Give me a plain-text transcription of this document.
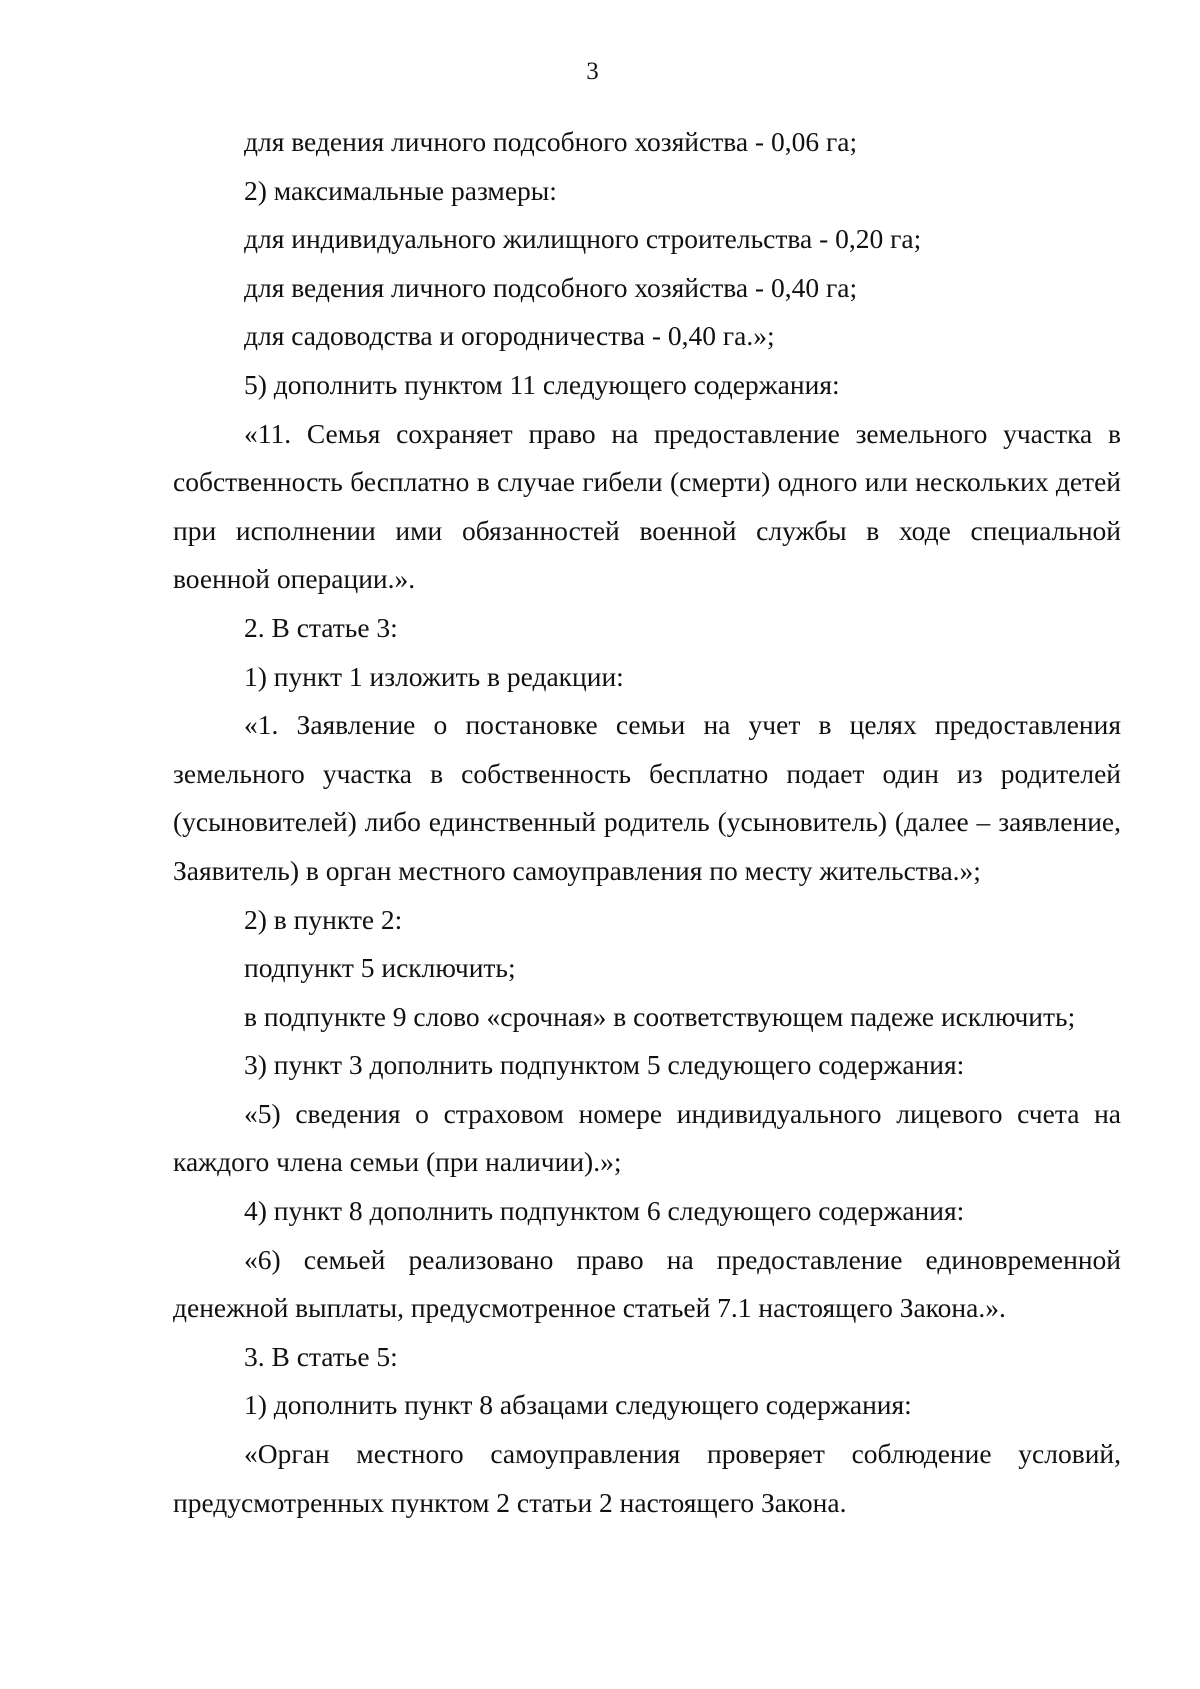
3

для ведения личного подсобного хозяйства - 0,06 га;

2) максимальные размеры:

для индивидуального жилищного строительства - 0,20 га;

для ведения личного подсобного хозяйства - 0,40 га;

для садоводства и огородничества - 0,40 га.»;

5) дополнить пунктом 11 следующего содержания:

«11. Семья сохраняет право на предоставление земельного участка в собственность бесплатно в случае гибели (смерти) одного или нескольких детей при исполнении ими обязанностей военной службы в ходе специальной военной операции.».

2. В статье 3:

1) пункт 1 изложить в редакции:

«1. Заявление о постановке семьи на учет в целях предоставления земельного участка в собственность бесплатно подает один из родителей (усыновителей) либо единственный родитель (усыновитель) (далее – заявление, Заявитель) в орган местного самоуправления по месту жительства.»;

2) в пункте 2:

подпункт 5 исключить;

в подпункте 9 слово «срочная» в соответствующем падеже исключить;

3) пункт 3 дополнить подпунктом 5 следующего содержания:

«5) сведения о страховом номере индивидуального лицевого счета на каждого члена семьи (при наличии).»;

4) пункт 8 дополнить подпунктом 6 следующего содержания:

«6) семьей реализовано право на предоставление единовременной денежной выплаты, предусмотренное статьей 7.1 настоящего Закона.».

3. В статье 5:

1) дополнить пункт 8 абзацами следующего содержания:

«Орган местного самоуправления проверяет соблюдение условий, предусмотренных пунктом 2 статьи 2 настоящего Закона.
